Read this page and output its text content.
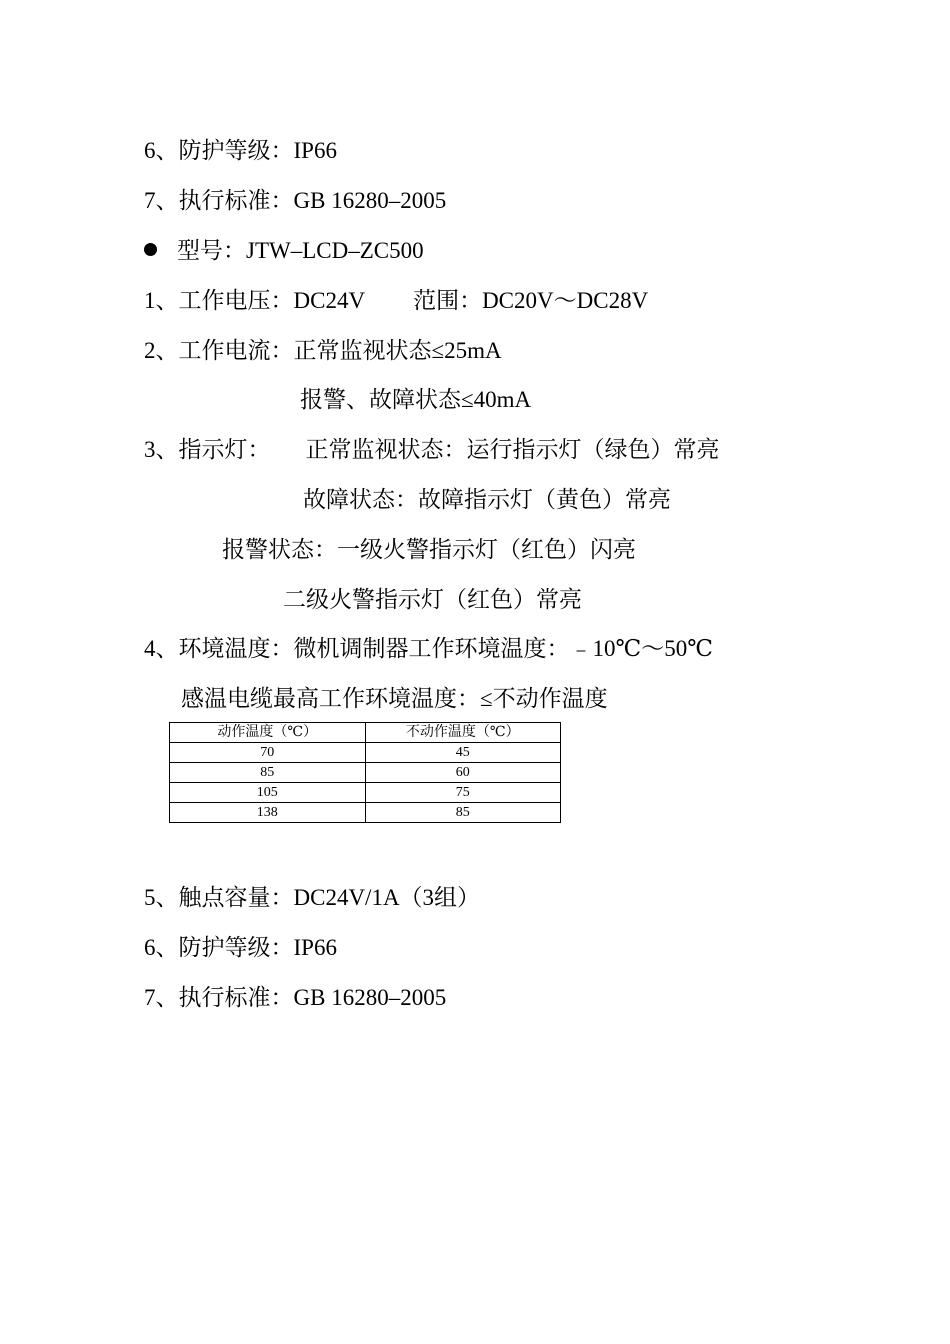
6、防护等级：IP66
7、执行标准：GB 16280–2005
型号：JTW–LCD–ZC500
1、工作电压：DC24V 范围：DC20V～DC28V
2、工作电流：正常监视状态≤25mA
报警、故障状态≤40mA
3、指示灯： 正常监视状态：运行指示灯（绿色）常亮
故障状态：故障指示灯（黄色）常亮
报警状态：一级火警指示灯（红色）闪亮
二级火警指示灯（红色）常亮
4、环境温度：微机调制器工作环境温度：﹣10℃～50℃
感温电缆最高工作环境温度：≤不动作温度
动作温度（℃）	不动作温度（℃）
70	45
85	60
105	75
138	85
5、触点容量：DC24V/1A（3组）
6、防护等级：IP66
7、执行标准：GB 16280–2005
